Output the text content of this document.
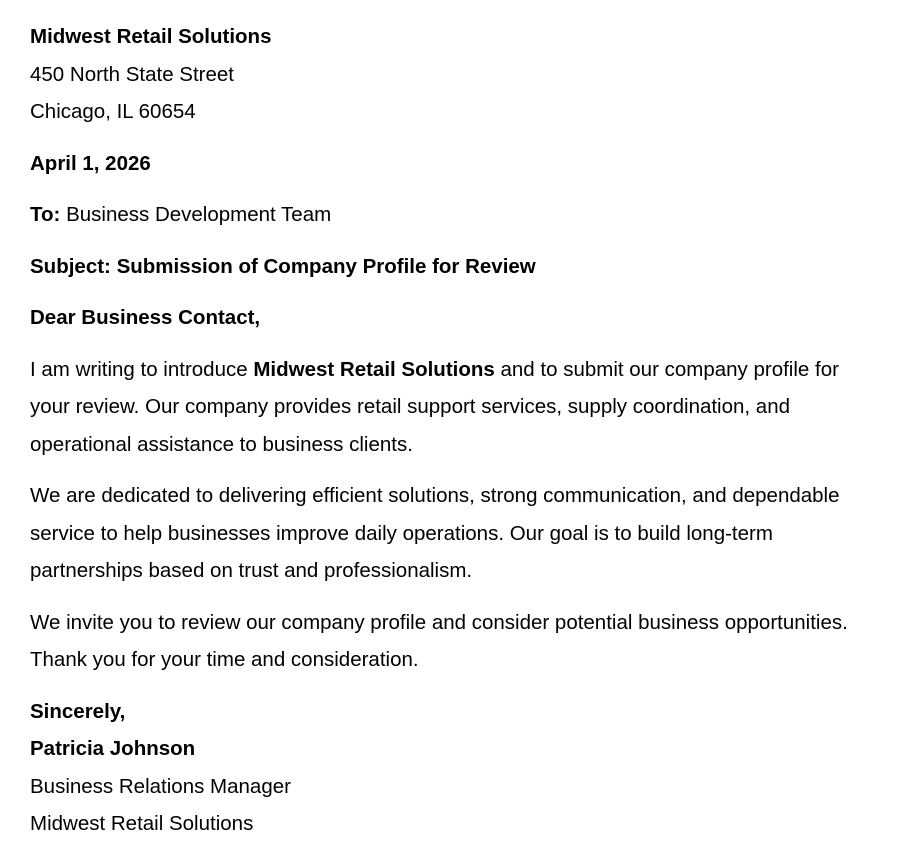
Midwest Retail Solutions
450 North State Street
Chicago, IL 60654
April 1, 2026
To: Business Development Team
Subject: Submission of Company Profile for Review
Dear Business Contact,

I am writing to introduce Midwest Retail Solutions and to submit our company profile for your review. Our company provides retail support services, supply coordination, and operational assistance to business clients.

We are dedicated to delivering efficient solutions, strong communication, and dependable service to help businesses improve daily operations. Our goal is to build long-term partnerships based on trust and professionalism.

We invite you to review our company profile and consider potential business opportunities. Thank you for your time and consideration.

Sincerely,
Patricia Johnson
Business Relations Manager
Midwest Retail Solutions
